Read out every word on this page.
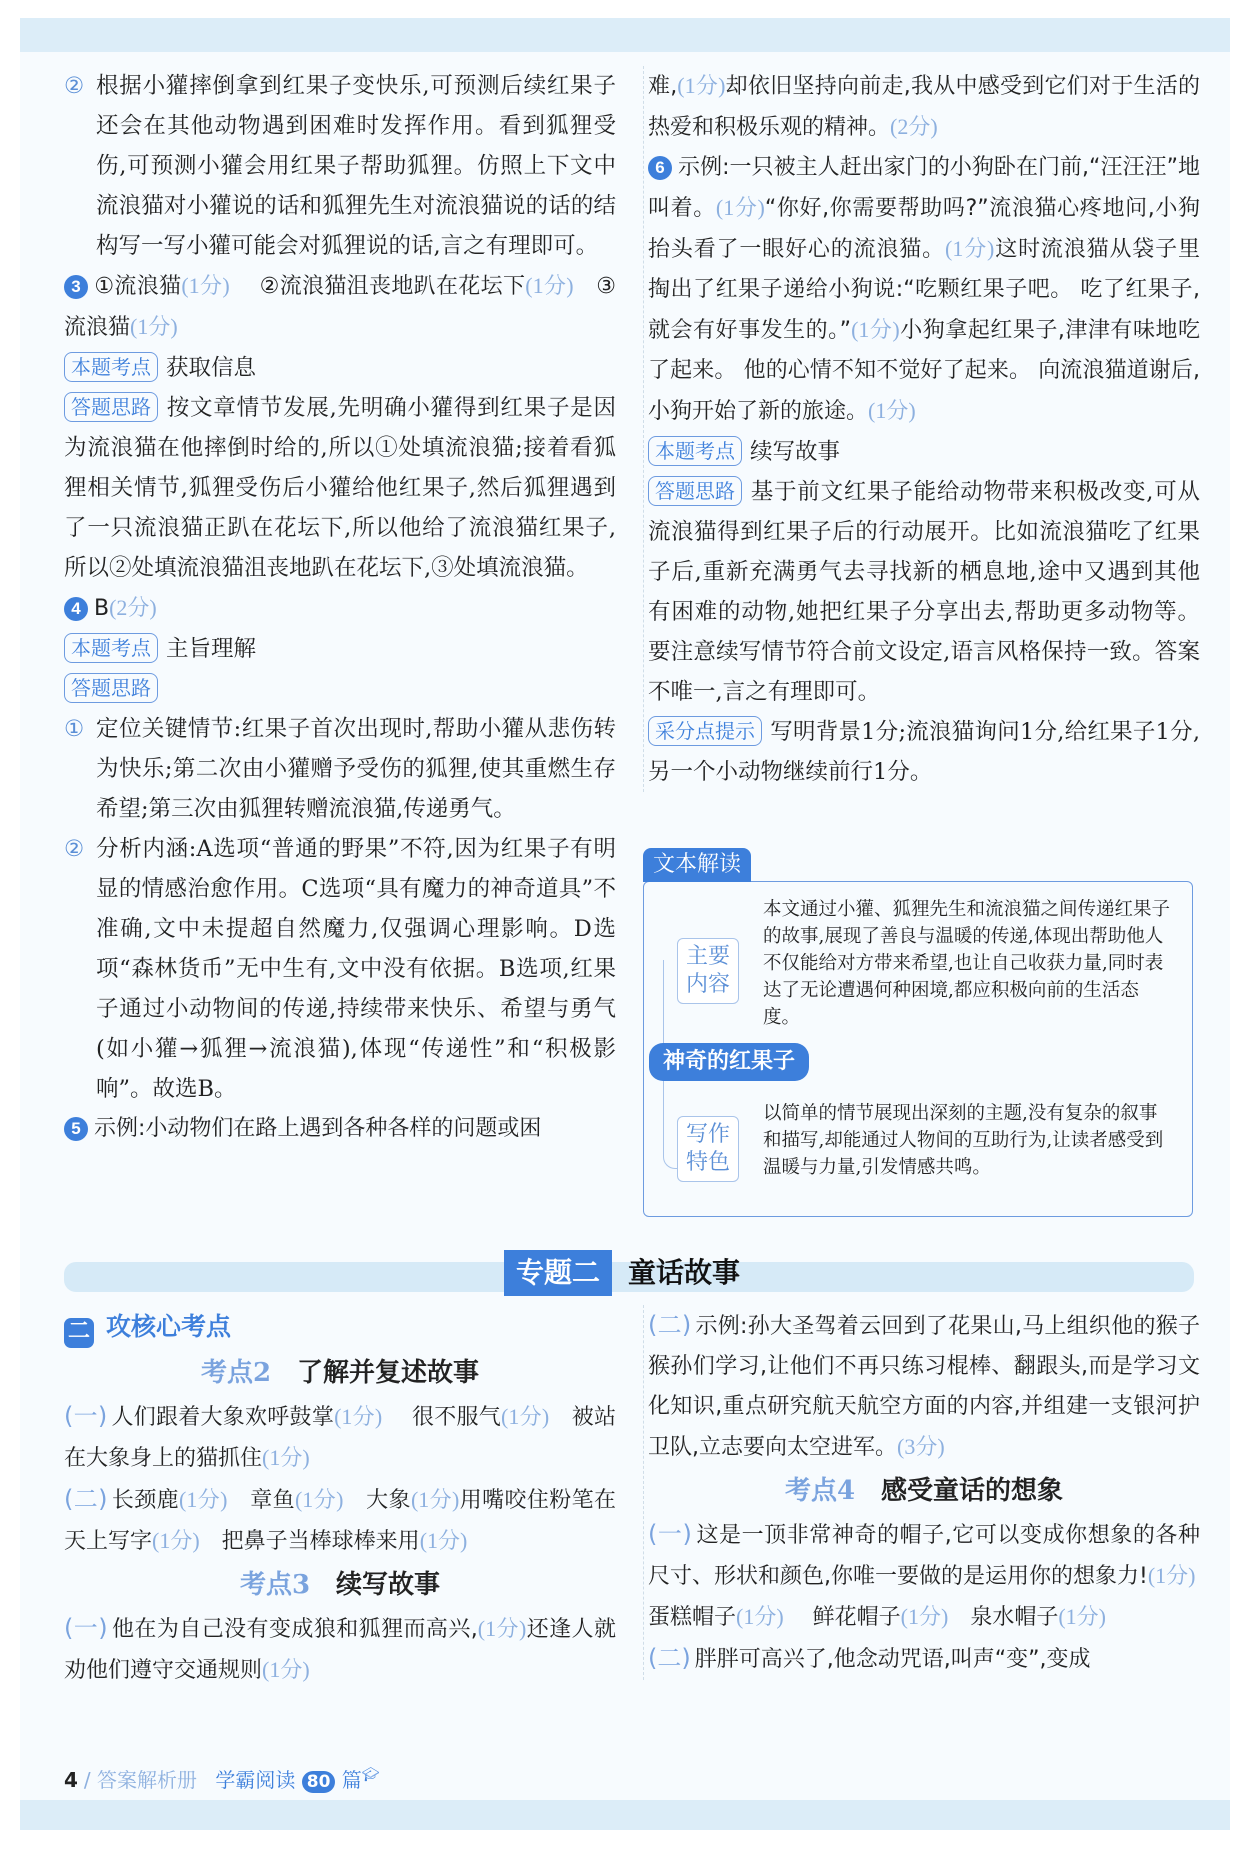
② 根据小獾摔倒拿到红果子变快乐,可预测后续红果子还会在其他动物遇到困难时发挥作用。看到狐狸受伤,可预测小獾会用红果子帮助狐狸。仿照上下文中流浪猫对小獾说的话和狐狸先生对流浪猫说的话的结构写一写小獾可能会对狐狸说的话,言之有理即可。

3 ①流浪猫(1分)　 ②流浪猫沮丧地趴在花坛下(1分)　③流浪猫(1分)

本题考点 获取信息

答题思路 按文章情节发展,先明确小獾得到红果子是因为流浪猫在他摔倒时给的,所以①处填流浪猫;接着看狐狸相关情节,狐狸受伤后小獾给他红果子,然后狐狸遇到了一只流浪猫正趴在花坛下,所以他给了流浪猫红果子,所以②处填流浪猫沮丧地趴在花坛下,③处填流浪猫。

4 B(2分)

本题考点 主旨理解

答题思路

① 定位关键情节:红果子首次出现时,帮助小獾从悲伤转为快乐;第二次由小獾赠予受伤的狐狸,使其重燃生存希望;第三次由狐狸转赠流浪猫,传递勇气。

② 分析内涵:A选项“普通的野果”不符,因为红果子有明显的情感治愈作用。C选项“具有魔力的神奇道具”不准确,文中未提超自然魔力,仅强调心理影响。D选项“森林货币”无中生有,文中没有依据。B选项,红果子通过小动物间的传递,持续带来快乐、希望与勇气(如小獾→狐狸→流浪猫),体现“传递性”和“积极影响”。故选B。

5 示例:小动物们在路上遇到各种各样的问题或困

难,(1分)却依旧坚持向前走,我从中感受到它们对于生活的热爱和积极乐观的精神。(2分)

6 示例:一只被主人赶出家门的小狗卧在门前,“汪汪汪”地叫着。(1分)“你好,你需要帮助吗?”流浪猫心疼地问,小狗抬头看了一眼好心的流浪猫。(1分)这时流浪猫从袋子里掏出了红果子递给小狗说:“吃颗红果子吧。 吃了红果子,就会有好事发生的。”(1分)小狗拿起红果子,津津有味地吃了起来。 他的心情不知不觉好了起来。 向流浪猫道谢后,小狗开始了新的旅途。(1分)

本题考点 续写故事

答题思路 基于前文红果子能给动物带来积极改变,可从流浪猫得到红果子后的行动展开。比如流浪猫吃了红果子后,重新充满勇气去寻找新的栖息地,途中又遇到其他有困难的动物,她把红果子分享出去,帮助更多动物等。要注意续写情节符合前文设定,语言风格保持一致。答案不唯一,言之有理即可。

采分点提示 写明背景1分;流浪猫询问1分,给红果子1分,另一个小动物继续前行1分。

文本解读
主要内容
本文通过小獾、狐狸先生和流浪猫之间传递红果子的故事,展现了善良与温暖的传递,体现出帮助他人不仅能给对方带来希望,也让自己收获力量,同时表达了无论遭遇何种困境,都应积极向前的生活态度。
神奇的红果子
写作特色
以简单的情节展现出深刻的主题,没有复杂的叙事和描写,却能通过人物间的互助行为,让读者感受到温暖与力量,引发情感共鸣。
专题二	童话故事
二 攻核心考点
考点2 了解并复述故事

(一) 人们跟着大象欢呼鼓掌(1分)　 很不服气(1分)　被站在大象身上的猫抓住(1分)

(二) 长颈鹿(1分)　章鱼(1分)　大象(1分)用嘴咬住粉笔在天上写字(1分)　把鼻子当棒球棒来用(1分)

考点3 续写故事

(一) 他在为自己没有变成狼和狐狸而高兴,(1分)还逢人就劝他们遵守交通规则(1分)

(二) 示例:孙大圣驾着云回到了花果山,马上组织他的猴子猴孙们学习,让他们不再只练习棍棒、翻跟头,而是学习文化知识,重点研究航天航空方面的内容,并组建一支银河护卫队,立志要向太空进军。(3分)

考点4 感受童话的想象

(一) 这是一顶非常神奇的帽子,它可以变成你想象的各种尺寸、形状和颜色,你唯一要做的是运用你的想象力!(1分)　 蛋糕帽子(1分)　 鲜花帽子(1分)　泉水帽子(1分)

(二) 胖胖可高兴了,他念动咒语,叫声“变”,变成

4 / 答案解析册 学霸阅读 80 篇🎓︎
